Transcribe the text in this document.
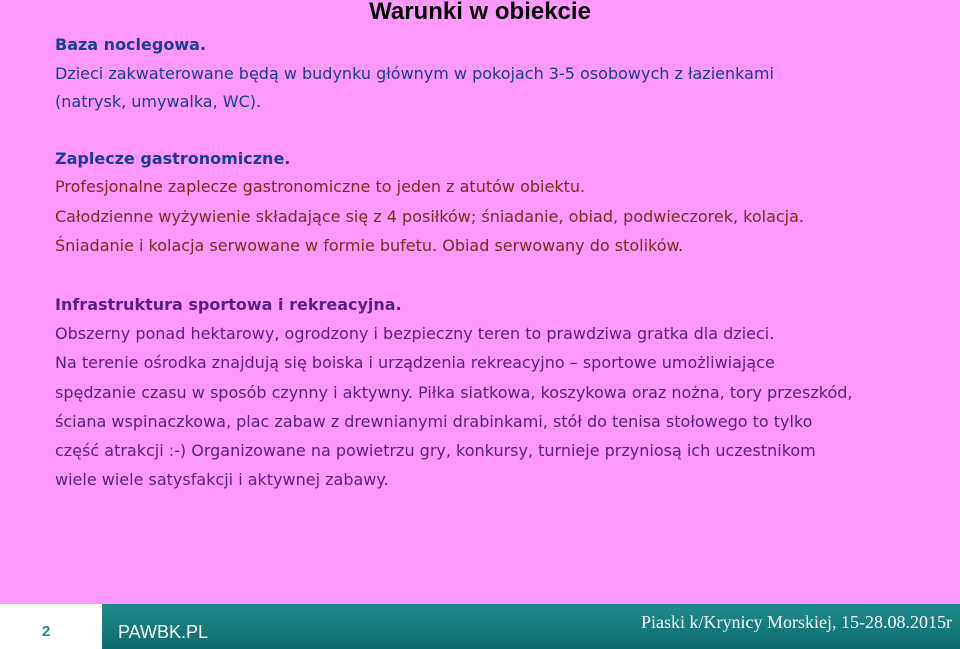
Warunki w obiekcie
Baza noclegowa.
Dzieci zakwaterowane będą w budynku głównym w pokojach 3-5 osobowych z łazienkami
(natrysk, umywalka, WC).
Zaplecze gastronomiczne.
Profesjonalne zaplecze gastronomiczne to jeden z atutów obiektu.
Całodzienne wyżywienie składające się z 4 posiłków; śniadanie, obiad, podwieczorek, kolacja.
Śniadanie i kolacja serwowane w formie bufetu. Obiad serwowany do stolików.
Infrastruktura sportowa i rekreacyjna.
Obszerny ponad hektarowy, ogrodzony i bezpieczny teren to prawdziwa gratka dla dzieci.
Na terenie ośrodka znajdują się boiska i urządzenia rekreacyjno – sportowe umożliwiające
spędzanie czasu w sposób czynny i aktywny. Piłka siatkowa, koszykowa oraz nożna, tory przeszkód,
ściana wspinaczkowa, plac zabaw z drewnianymi drabinkami, stół do tenisa stołowego to tylko
część atrakcji :-) Organizowane na powietrzu gry, konkursy, turnieje przyniosą ich uczestnikom
wiele wiele satysfakcji i aktywnej zabawy.
2	PAWBK.PL	Piaski k/Krynicy Morskiej, 15-28.08.2015r
